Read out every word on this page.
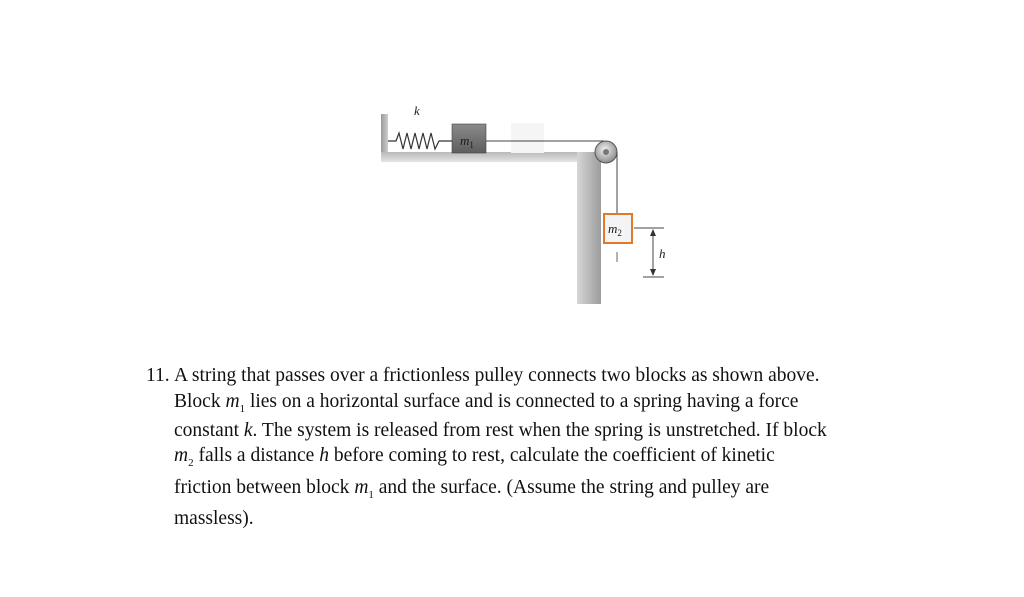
k
$m_1$
$m_2$
h
11. A string that passes over a frictionless pulley connects two blocks as shown above.
Block $m_1$ lies on a horizontal surface and is connected to a spring having a force
constant k. The system is released from rest when the spring is unstretched. If block
$m_2$ falls a distance h before coming to rest, calculate the coefficient of kinetic
friction between block $m_1$ and the surface. (Assume the string and pulley are
massless).
